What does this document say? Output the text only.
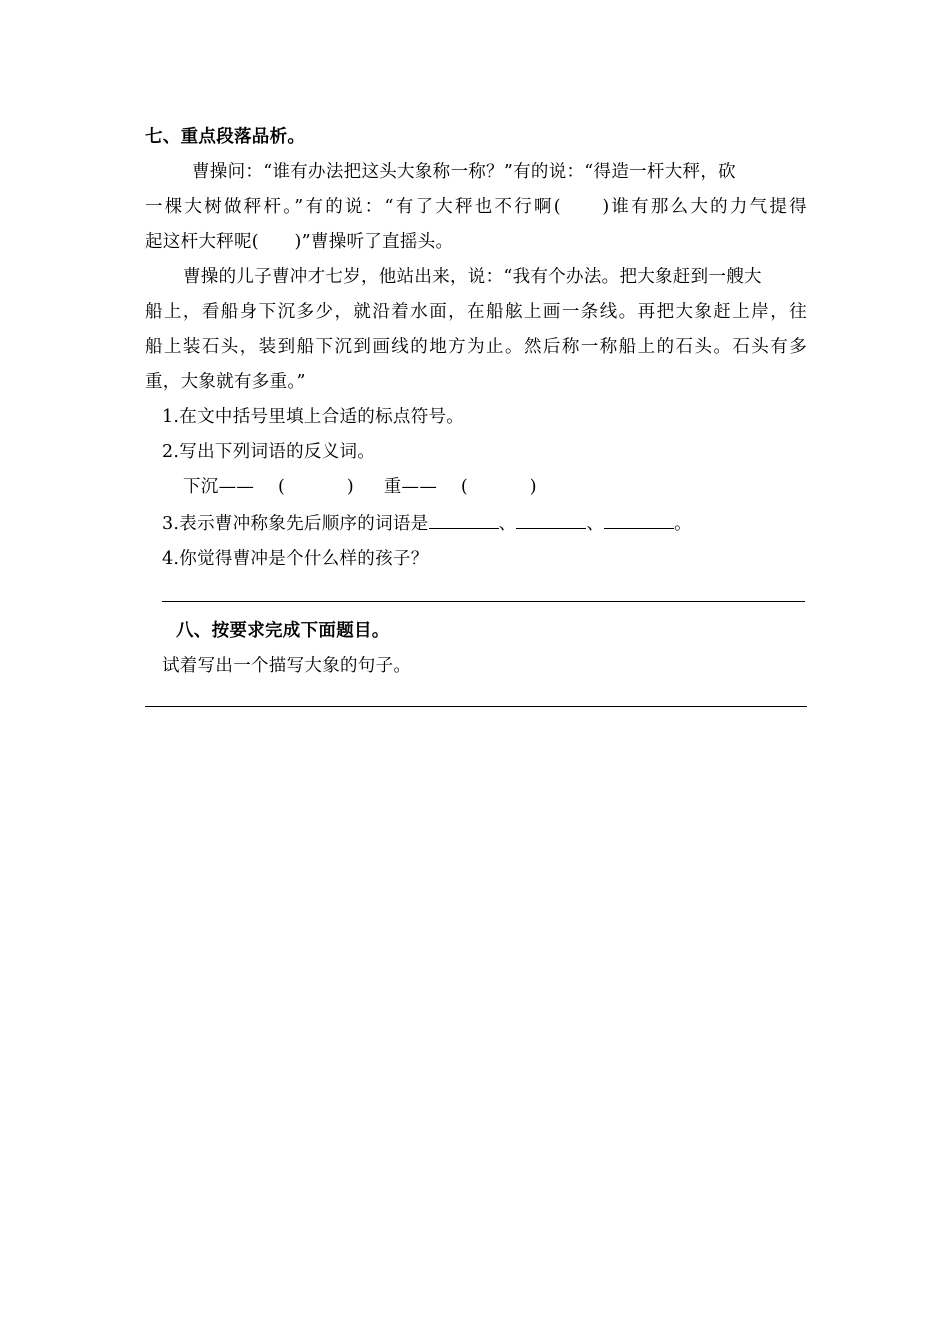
七、重点段落品析。
曹操问：“谁有办法把这头大象称一称？”有的说：“得造一杆大秤，砍
一棵大树做秤杆。”有的说：“有了大秤也不行啊(　　)谁有那么大的力气提得
起这杆大秤呢(　　)”曹操听了直摇头。
曹操的儿子曹冲才七岁，他站出来，说：“我有个办法。把大象赶到一艘大
船上，看船身下沉多少，就沿着水面，在船舷上画一条线。再把大象赶上岸，往
船上装石头，装到船下沉到画线的地方为止。然后称一称船上的石头。石头有多
重，大象就有多重。”
1.在文中括号里填上合适的标点符号。
2.写出下列词语的反义词。
下沉—— (	) 重—— (	)
3.表示曹冲称象先后顺序的词语是	、	、	。
4.你觉得曹冲是个什么样的孩子？
八、按要求完成下面题目。
试着写出一个描写大象的句子。
